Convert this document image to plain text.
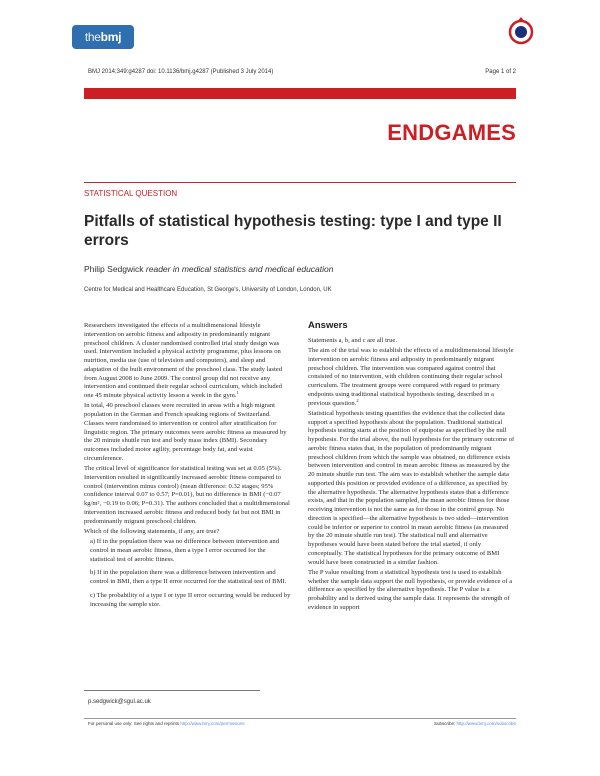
thebmj
BMJ 2014;349:g4287 doi: 10.1136/bmj.g4287 (Published 3 July 2014)	Page 1 of 2
ENDGAMES
STATISTICAL QUESTION
Pitfalls of statistical hypothesis testing: type I and type II errors
Philip Sedgwick reader in medical statistics and medical education
Centre for Medical and Healthcare Education, St George's, University of London, London, UK

Researchers investigated the effects of a multidimensional lifestyle intervention on aerobic fitness and adiposity in predominantly migrant preschool children. A cluster randomised controlled trial study design was used. Intervention included a physical activity programme, plus lessons on nutrition, media use (use of television and computers), and sleep and adaptation of the built environment of the preschool class. The study lasted from August 2008 to June 2009. The control group did not receive any intervention and continued their regular school curriculum, which included one 45 minute physical activity lesson a week in the gym.$^1$

In total, 40 preschool classes were recruited in areas with a high migrant population in the German and French speaking regions of Switzerland. Classes were randomised to intervention or control after stratification for linguistic region. The primary outcomes were aerobic fitness as measured by the 20 minute shuttle run test and body mass index (BMI). Secondary outcomes included motor agility, percentage body fat, and waist circumference.

The critical level of significance for statistical testing was set at 0.05 (5%). Intervention resulted in significantly increased aerobic fitness compared to control (intervention minus control) (mean difference: 0.32 stages; 95% confidence interval 0.07 to 0.57; P=0.01), but no difference in BMI (−0.07 kg/m², −0.19 to 0.06; P=0.31). The authors concluded that a multidimensional intervention increased aerobic fitness and reduced body fat but not BMI in predominantly migrant preschool children.

Which of the following statements, if any, are true?

a) If in the population there was no difference between intervention and control in mean aerobic fitness, then a type I error occurred for the statistical test of aerobic fitness.

b) If in the population there was a difference between intervention and control in BMI, then a type II error occurred for the statistical test of BMI.

c) The probability of a type I or type II error occurring would be reduced by increasing the sample size.

Answers

Statements a, b, and c are all true.

The aim of the trial was to establish the effects of a multidimensional lifestyle intervention on aerobic fitness and adiposity in predominantly migrant preschool children. The intervention was compared against control that consisted of no intervention, with children continuing their regular school curriculum. The treatment groups were compared with regard to primary endpoints using traditional statistical hypothesis testing, described in a previous question.$^2$

Statistical hypothesis testing quantifies the evidence that the collected data support a specified hypothesis about the population. Traditional statistical hypothesis testing starts at the position of equipoise as specified by the null hypothesis. For the trial above, the null hypothesis for the primary outcome of aerobic fitness states that, in the population of predominantly migrant preschool children from which the sample was obtained, no difference exists between intervention and control in mean aerobic fitness as measured by the 20 minute shuttle run test. The aim was to establish whether the sample data supported this position or provided evidence of a difference, as specified by the alternative hypothesis. The alternative hypothesis states that a difference exists, and that in the population sampled, the mean aerobic fitness for those receiving intervention is not the same as for those in the control group. No direction is specified—the alternative hypothesis is two sided—intervention could be inferior or superior to control in mean aerobic fitness (as measured by the 20 minute shuttle run test). The statistical null and alternative hypotheses would have been stated before the trial started, if only conceptually. The statistical hypotheses for the primary outcome of BMI would have been constructed in a similar fashion.

The P value resulting from a statistical hypothesis test is used to establish whether the sample data support the null hypothesis, or provide evidence of a difference as specified by the alternative hypothesis. The P value is a probability and is derived using the sample data. It represents the strength of evidence in support

p.sedgwick@sgul.ac.uk
For personal use only: See rights and reprints http://www.bmj.com/permissions	Subscribe: http://www.bmj.com/subscribe
